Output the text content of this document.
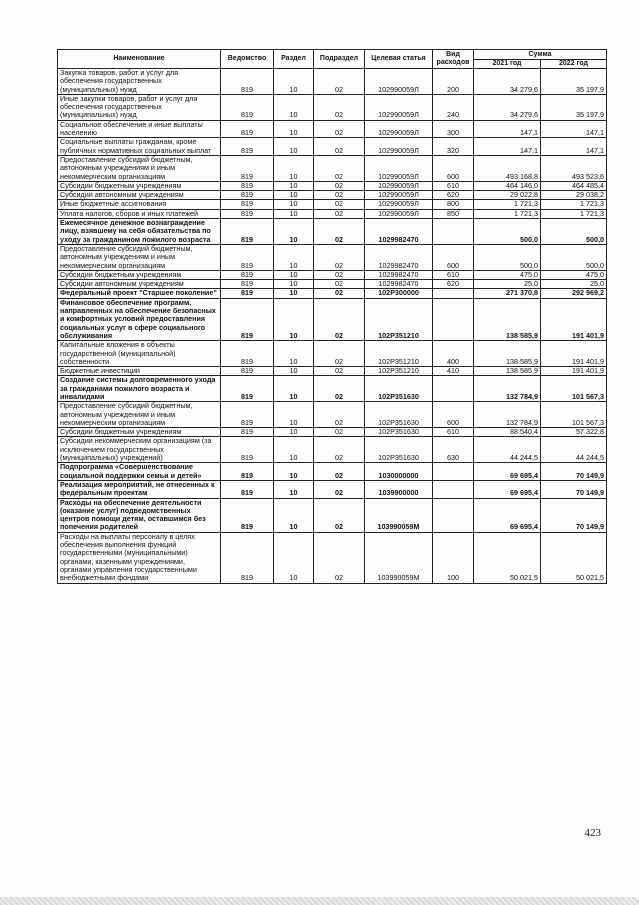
Наименование	Ведомство	Раздел	Подраздел	Целевая статья	Вид расходов	Сумма	
						2021 год	2022 год
Закупка товаров, работ и услуг для обеспечения государственных (муниципальных) нужд	819	10	02	102990059Л	200	34 279,6	35 197,9
Иные закупки товаров, работ и услуг для обеспечения государственных (муниципальных) нужд	819	10	02	102990059Л	240	34 279,6	35 197,9
Социальное обеспечение и иные выплаты населению	819	10	02	102990059Л	300	147,1	147,1
Социальные выплаты гражданам, кроме публичных нормативных социальных выплат	819	10	02	102990059Л	320	147,1	147,1
Предоставление субсидий бюджетным, автономным учреждениям и иным некоммерческим организациям	819	10	02	102990059Л	600	493 168,8	493 523,6
Субсидии бюджетным учреждениям	819	10	02	102990059Л	610	464 146,0	464 485,4
Субсидии автономным учреждениям	819	10	02	102990059Л	620	29 022,8	29 038,2
Иные бюджетные ассигнования	819	10	02	102990059Л	800	1 721,3	1 721,3
Уплата налогов, сборов и иных платежей	819	10	02	102990059Л	850	1 721,3	1 721,3
Ежемесячное денежное вознаграждение лицу, взявшему на себя обязательства по уходу за гражданином пожилого возраста	819	10	02	1029982470		500,0	500,0
Предоставление субсидий бюджетным, автономным учреждениям и иным некоммерческим организациям	819	10	02	1029982470	600	500,0	500,0
Субсидии бюджетным учреждениям	819	10	02	1029982470	610	475,0	475,0
Субсидии автономным учреждениям	819	10	02	1029982470	620	25,0	25,0
Федеральный проект "Старшее поколение"	819	10	02	102P300000		271 370,8	292 969,2
Финансовое обеспечение программ, направленных на обеспечение безопасных и комфортных условий предоставления социальных услуг в сфере социального обслуживания	819	10	02	102P351210		138 585,9	191 401,9
Капитальные вложения в объекты государственной (муниципальной) собственности	819	10	02	102P351210	400	138 585,9	191 401,9
Бюджетные инвестиции	819	10	02	102P351210	410	138 585,9	191 401,9
Создание системы долговременного ухода за гражданами пожилого возраста и инвалидами	819	10	02	102P351630		132 784,9	101 567,3
Предоставление субсидий бюджетным, автономным учреждениям и иным некоммерческим организациям	819	10	02	102P351630	600	132 784,9	101 567,3
Субсидии бюджетным учреждениям	819	10	02	102P351630	610	88 540,4	57 322,8
Субсидии некоммерческим организациям (за исключением государственных (муниципальных) учреждений)	819	10	02	102P351630	630	44 244,5	44 244,5
Подпрограмма «Совершенствование социальной поддержки семьи и детей»	819	10	02	1030000000		69 695,4	70 149,9
Реализация мероприятий, не отнесенных к федеральным проектам	819	10	02	1039900000		69 695,4	70 149,9
Расходы на обеспечение деятельности (оказание услуг) подведомственных центров помощи детям, оставшимся без попечения родителей	819	10	02	103990059М		69 695,4	70 149,9
Расходы на выплаты персоналу в целях обеспечения выполнения функций государственными (муниципальными) органами, казенными учреждениями, органами управления государственными внебюджетными фондами	819	10	02	103990059М	100	50 021,5	50 021,5
423
